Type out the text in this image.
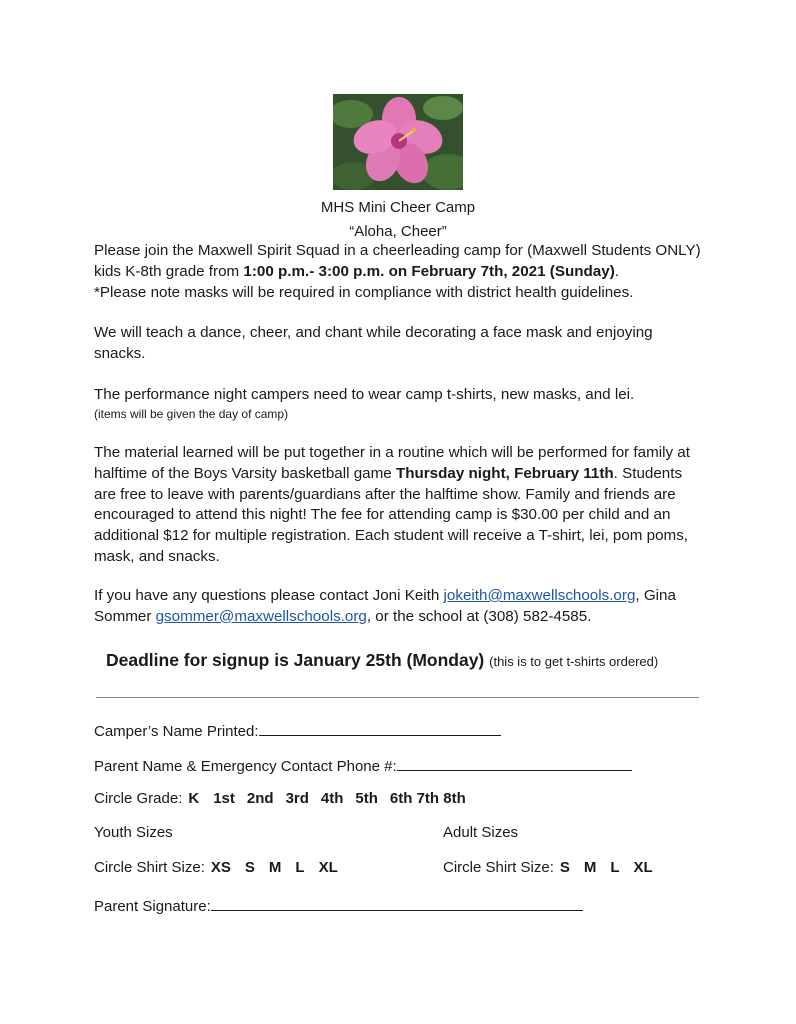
MHS Mini Cheer Camp
“Aloha, Cheer”
Please join the Maxwell Spirit Squad in a cheerleading camp for (Maxwell Students ONLY) kids K-8th grade from 1:00 p.m.- 3:00 p.m. on February 7th, 2021 (Sunday).
*Please note masks will be required in compliance with district health guidelines.
We will teach a dance, cheer, and chant while decorating a face mask and enjoying snacks.
The performance night campers need to wear camp t-shirts, new masks, and lei.
(items will be given the day of camp)
The material learned will be put together in a routine which will be performed for family at halftime of the Boys Varsity basketball game Thursday night, February 11th. Students are free to leave with parents/guardians after the halftime show. Family and friends are encouraged to attend this night! The fee for attending camp is $30.00 per child and an additional $12 for multiple registration. Each student will receive a T-shirt, lei, pom poms, mask, and snacks.
If you have any questions please contact Joni Keith jokeith@maxwellschools.org, Gina Sommer gsommer@maxwellschools.org, or the school at (308) 582-4585.
Deadline for signup is January 25th (Monday) (this is to get t-shirts ordered)
Camper’s Name Printed:
Parent Name & Emergency Contact Phone #:
Circle Grade: K 1st 2nd 3rd 4th 5th 6th 7th 8th
Youth Sizes	Adult Sizes
Circle Shirt Size: XS S M L XL	Circle Shirt Size: S M L XL
Parent Signature:
